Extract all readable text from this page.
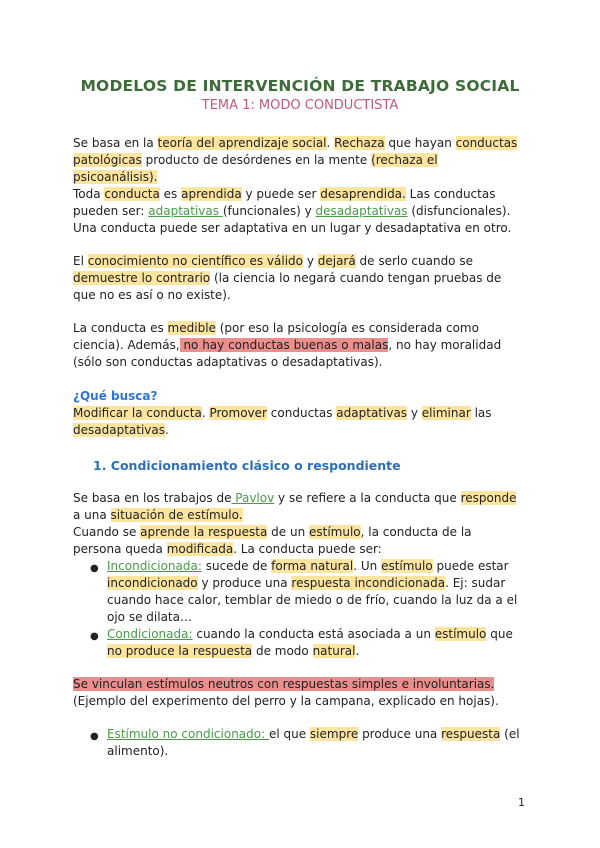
MODELOS DE INTERVENCIÓN DE TRABAJO SOCIAL
TEMA 1: MODO CONDUCTISTA
Se basa en la teoría del aprendizaje social. Rechaza que hayan conductas
patológicas producto de desórdenes en la mente (rechaza el
psicoanálisis).
Toda conducta es aprendida y puede ser desaprendida. Las conductas
pueden ser: adaptativas (funcionales) y desadaptativas (disfuncionales).
Una conducta puede ser adaptativa en un lugar y desadaptativa en otro.
El conocimiento no científico es válido y dejará de serlo cuando se
demuestre lo contrario (la ciencia lo negará cuando tengan pruebas de
que no es así o no existe).
La conducta es medible (por eso la psicología es considerada como
ciencia). Además, no hay conductas buenas o malas, no hay moralidad
(sólo son conductas adaptativas o desadaptativas).
¿Qué busca?
Modificar la conducta. Promover conductas adaptativas y eliminar las
desadaptativas.
1. Condicionamiento clásico o respondiente
Se basa en los trabajos de Pavlov y se refiere a la conducta que responde
a una situación de estímulo.
Cuando se aprende la respuesta de un estímulo, la conducta de la
persona queda modificada. La conducta puede ser:
● Incondicionada: sucede de forma natural. Un estímulo puede estar
incondicionado y produce una respuesta incondicionada. Ej: sudar
cuando hace calor, temblar de miedo o de frío, cuando la luz da a el
ojo se dilata…
● Condicionada: cuando la conducta está asociada a un estímulo que
no produce la respuesta de modo natural.
Se vinculan estímulos neutros con respuestas simples e involuntarias.
(Ejemplo del experimento del perro y la campana, explicado en hojas).
● Estímulo no condicionado: el que siempre produce una respuesta (el
alimento).
1
